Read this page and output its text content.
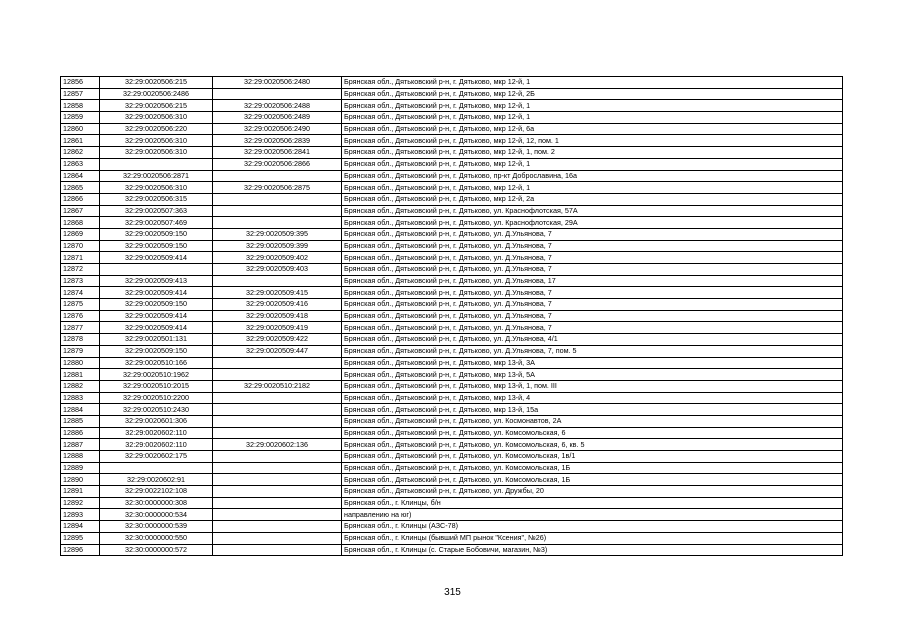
12856	32:29:0020506:215	32:29:0020506:2480	Брянская обл., Дятьковский р-н, г. Дятьково, мкр 12-й, 1
12857	32:29:0020506:2486		Брянская обл., Дятьковский р-н, г. Дятьково, мкр 12-й, 2Б
12858	32:29:0020506:215	32:29:0020506:2488	Брянская обл., Дятьковский р-н, г. Дятьково, мкр 12-й, 1
12859	32:29:0020506:310	32:29:0020506:2489	Брянская обл., Дятьковский р-н, г. Дятьково, мкр 12-й, 1
12860	32:29:0020506:220	32:29:0020506:2490	Брянская обл., Дятьковский р-н, г. Дятьково, мкр 12-й, 6а
12861	32:29:0020506:310	32:29:0020506:2839	Брянская обл., Дятьковский р-н, г. Дятьково, мкр 12-й, 12, пом. 1
12862	32:29:0020506:310	32:29:0020506:2841	Брянская обл., Дятьковский р-н, г. Дятьково, мкр 12-й, 1, пом. 2
12863		32:29:0020506:2866	Брянская обл., Дятьковский р-н, г. Дятьково, мкр 12-й, 1
12864	32:29:0020506:2871		Брянская обл., Дятьковский р-н, г. Дятьково, пр-кт Доброславина, 16а
12865	32:29:0020506:310	32:29:0020506:2875	Брянская обл., Дятьковский р-н, г. Дятьково, мкр 12-й, 1
12866	32:29:0020506:315		Брянская обл., Дятьковский р-н, г. Дятьково, мкр 12-й, 2а
12867	32:29:0020507:363		Брянская обл., Дятьковский р-н, г. Дятьково, ул. Краснофлотская, 57А
12868	32:29:0020507:469		Брянская обл., Дятьковский р-н, г. Дятьково, ул. Краснофлотская, 29А
12869	32:29:0020509:150	32:29:0020509:395	Брянская обл., Дятьковский р-н, г. Дятьково, ул. Д.Ульянова, 7
12870	32:29:0020509:150	32:29:0020509:399	Брянская обл., Дятьковский р-н, г. Дятьково, ул. Д.Ульянова, 7
12871	32:29:0020509:414	32:29:0020509:402	Брянская обл., Дятьковский р-н, г. Дятьково, ул. Д.Ульянова, 7
12872		32:29:0020509:403	Брянская обл., Дятьковский р-н, г. Дятьково, ул. Д.Ульянова, 7
12873	32:29:0020509:413		Брянская обл., Дятьковский р-н, г. Дятьково, ул. Д.Ульянова, 17
12874	32:29:0020509:414	32:29:0020509:415	Брянская обл., Дятьковский р-н, г. Дятьково, ул. Д.Ульянова, 7
12875	32:29:0020509:150	32:29:0020509:416	Брянская обл., Дятьковский р-н, г. Дятьково, ул. Д.Ульянова, 7
12876	32:29:0020509:414	32:29:0020509:418	Брянская обл., Дятьковский р-н, г. Дятьково, ул. Д.Ульянова, 7
12877	32:29:0020509:414	32:29:0020509:419	Брянская обл., Дятьковский р-н, г. Дятьково, ул. Д.Ульянова, 7
12878	32:29:0020501:131	32:29:0020509:422	Брянская обл., Дятьковский р-н, г. Дятьково, ул. Д.Ульянова, 4/1
12879	32:29:0020509:150	32:29:0020509:447	Брянская обл., Дятьковский р-н, г. Дятьково, ул. Д.Ульянова, 7, пом. 5
12880	32:29:0020510:166		Брянская обл., Дятьковский р-н, г. Дятьково, мкр 13-й, 3А
12881	32:29:0020510:1962		Брянская обл., Дятьковский р-н, г. Дятьково, мкр 13-й, 5А
12882	32:29:0020510:2015	32:29:0020510:2182	Брянская обл., Дятьковский р-н, г. Дятьково, мкр 13-й, 1, пом. III
12883	32:29:0020510:2200		Брянская обл., Дятьковский р-н, г. Дятьково, мкр 13-й, 4
12884	32:29:0020510:2430		Брянская обл., Дятьковский р-н, г. Дятьково, мкр 13-й, 15а
12885	32:29:0020601:306		Брянская обл., Дятьковский р-н, г. Дятьково, ул. Космонавтов, 2А
12886	32:29:0020602:110		Брянская обл., Дятьковский р-н, г. Дятьково, ул. Комсомольская, 6
12887	32:29:0020602:110	32:29:0020602:136	Брянская обл., Дятьковский р-н, г. Дятьково, ул. Комсомольская, 6, кв. 5
12888	32:29:0020602:175		Брянская обл., Дятьковский р-н, г. Дятьково, ул. Комсомольская, 1в/1
12889			Брянская обл., Дятьковский р-н, г. Дятьково, ул. Комсомольская, 1Б
12890	32:29:0020602:91		Брянская обл., Дятьковский р-н, г. Дятьково, ул. Комсомольская, 1Б
12891	32:29:0022102:108		Брянская обл., Дятьковский р-н, г. Дятьково, ул. Дружбы, 20
12892	32:30:0000000:308		Брянская обл., г. Клинцы, б/н
12893	32:30:0000000:534		направлению на юг)
12894	32:30:0000000:539		Брянская обл., г. Клинцы (АЗС-78)
12895	32:30:0000000:550		Брянская обл., г. Клинцы (бывший МП рынок "Ксения", №26)
12896	32:30:0000000:572		Брянская обл., г. Клинцы (с. Старые Бобовичи, магазин, №3)
315
